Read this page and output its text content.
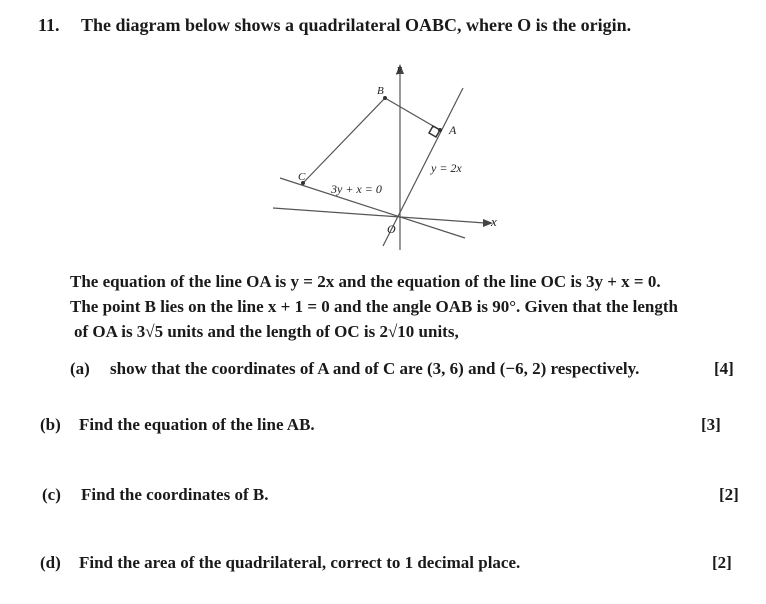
11. The diagram below shows a quadrilateral OABC, where O is the origin.
y
x
B
A
C
O
y = 2x
3y + x = 0
The equation of the line OA is y = 2x and the equation of the line OC is 3y + x = 0.
The point B lies on the line x + 1 = 0 and the angle OAB is 90°. Given that the length
of OA is 3√5 units and the length of OC is 2√10 units,
(a) show that the coordinates of A and of C are (3, 6) and (−6, 2) respectively.	[4]
(b) Find the equation of the line AB.	[3]
(c) Find the coordinates of B.	[2]
(d) Find the area of the quadrilateral, correct to 1 decimal place.	[2]
